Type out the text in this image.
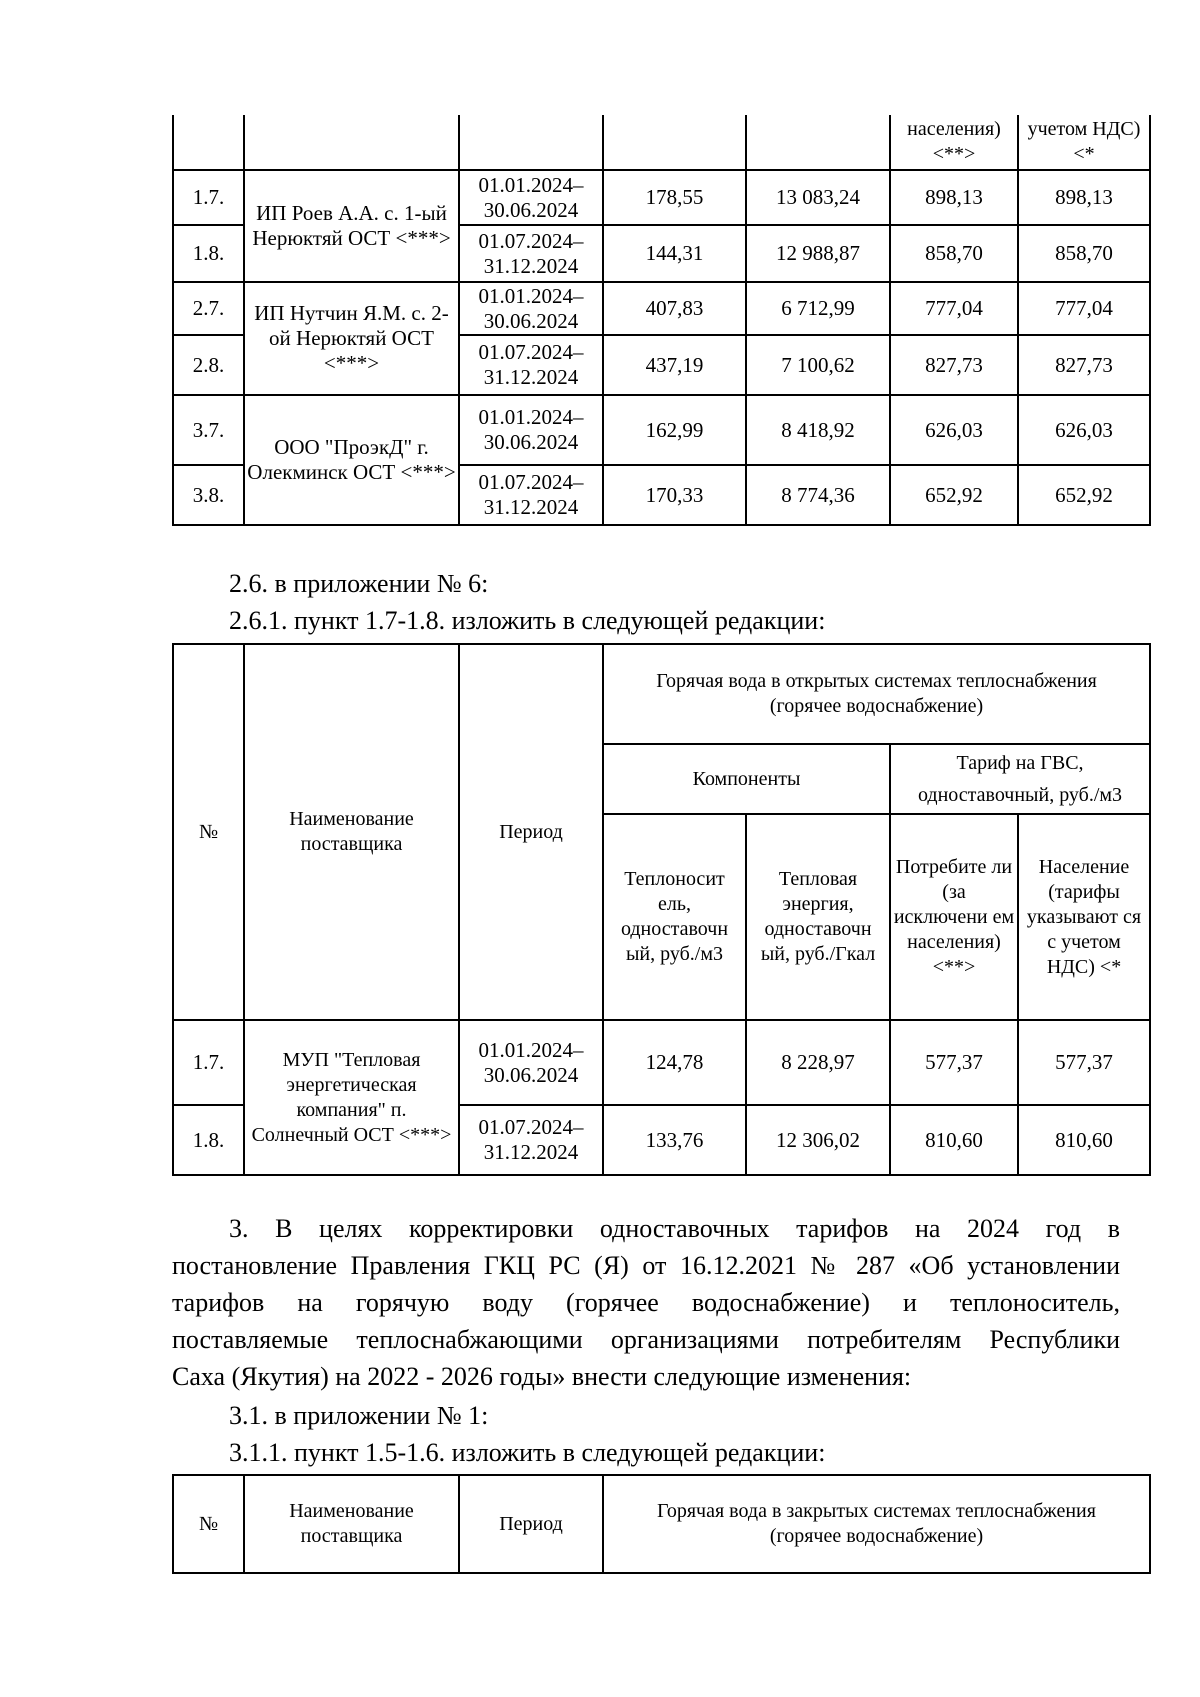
					населения) <**>	учетом НДС) <*
1.7.	ИП Роев А.А. с. 1-ый Нерюктяй ОСТ <***>	01.01.2024–30.06.2024	178,55	13 083,24	898,13	898,13
1.8.		01.07.2024–31.12.2024	144,31	12 988,87	858,70	858,70
2.7.	ИП Нутчин Я.М. с. 2-ой Нерюктяй ОСТ <***>	01.01.2024–30.06.2024	407,83	6 712,99	777,04	777,04
2.8.		01.07.2024–31.12.2024	437,19	7 100,62	827,73	827,73
3.7.	ООО "ПроэкД" г. Олекминск ОСТ <***>	01.01.2024–30.06.2024	162,99	8 418,92	626,03	626,03
3.8.		01.07.2024–31.12.2024	170,33	8 774,36	652,92	652,92

2.6. в приложении № 6:

2.6.1. пункт 1.7-1.8. изложить в следующей редакции:

№	Наименование поставщика	Период	Горячая вода в открытых системах теплоснабжения (горячее водоснабжение)			
			Компоненты		Тариф на ГВС, одноставочный, руб./м3	
			Теплоносит ель, одноставочн ый, руб./м3	Тепловая энергия, одноставочн ый, руб./Гкал	Потребите ли (за исключени ем населения) <**>	Население (тарифы указывают ся с учетом НДС) <*
1.7.	МУП "Тепловая энергетическая компания" п. Солнечный ОСТ <***>	01.01.2024–30.06.2024	124,78	8 228,97	577,37	577,37
1.8.		01.07.2024–31.12.2024	133,76	12 306,02	810,60	810,60
3. В целях корректировки одноставочных тарифов на 2024 год в
постановление Правления ГКЦ РС (Я) от 16.12.2021 № 287 «Об установлении
тарифов на горячую воду (горячее водоснабжение) и теплоноситель,
поставляемые теплоснабжающими организациями потребителям Республики
Саха (Якутия) на 2022 - 2026 годы» внести следующие изменения:

3.1. в приложении № 1:

3.1.1. пункт 1.5-1.6. изложить в следующей редакции:

№	Наименование поставщика	Период	Горячая вода в закрытых системах теплоснабжения (горячее водоснабжение)
